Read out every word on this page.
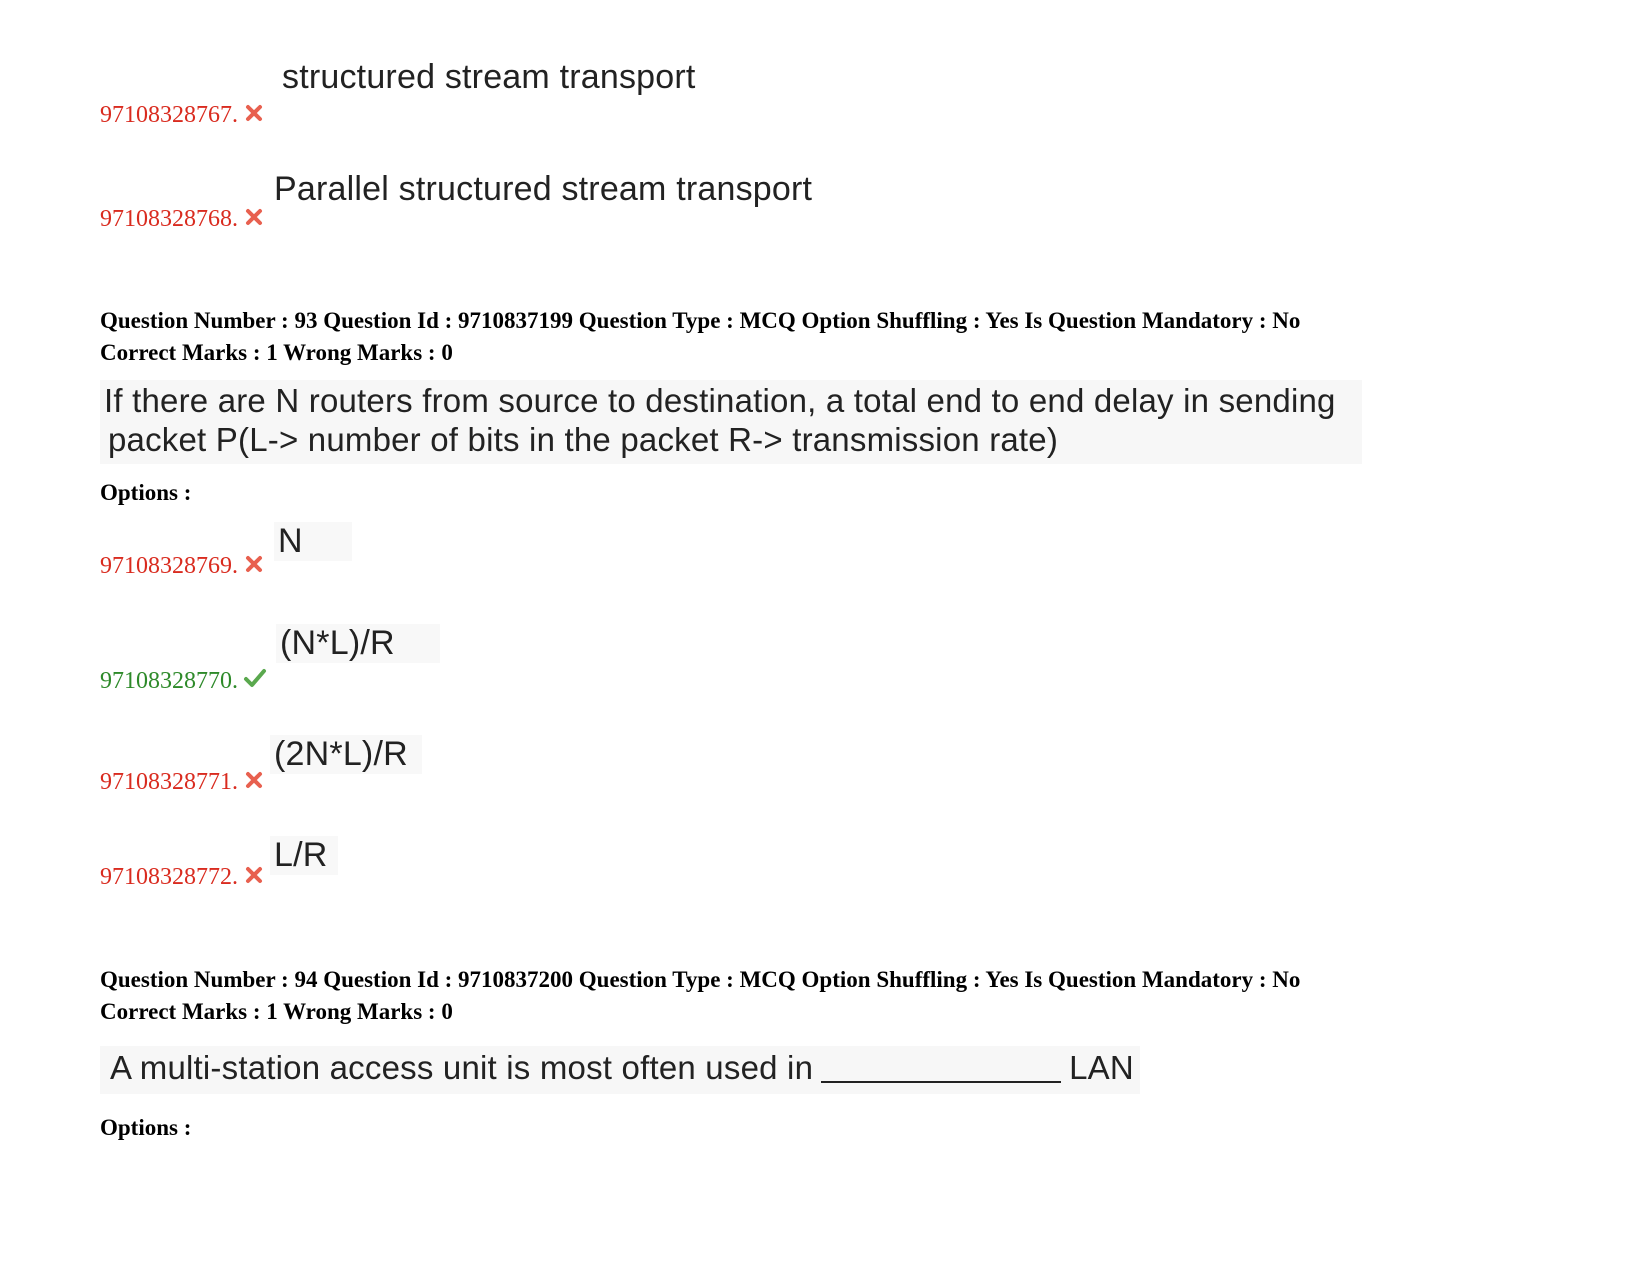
structured stream transport
97108328767.
Parallel structured stream transport
97108328768.
Question Number : 93 Question Id : 9710837199 Question Type : MCQ Option Shuffling : Yes Is Question Mandatory : No
Correct Marks : 1 Wrong Marks : 0
If there are N routers from source to destination, a total end to end delay in sending
packet P(L-> number of bits in the packet R-> transmission rate)
Options :
N
97108328769.
(N*L)/R
97108328770.
(2N*L)/R
97108328771.
L/R
97108328772.
Question Number : 94 Question Id : 9710837200 Question Type : MCQ Option Shuffling : Yes Is Question Mandatory : No
Correct Marks : 1 Wrong Marks : 0
A multi-station access unit is most often used in	LAN
Options :
